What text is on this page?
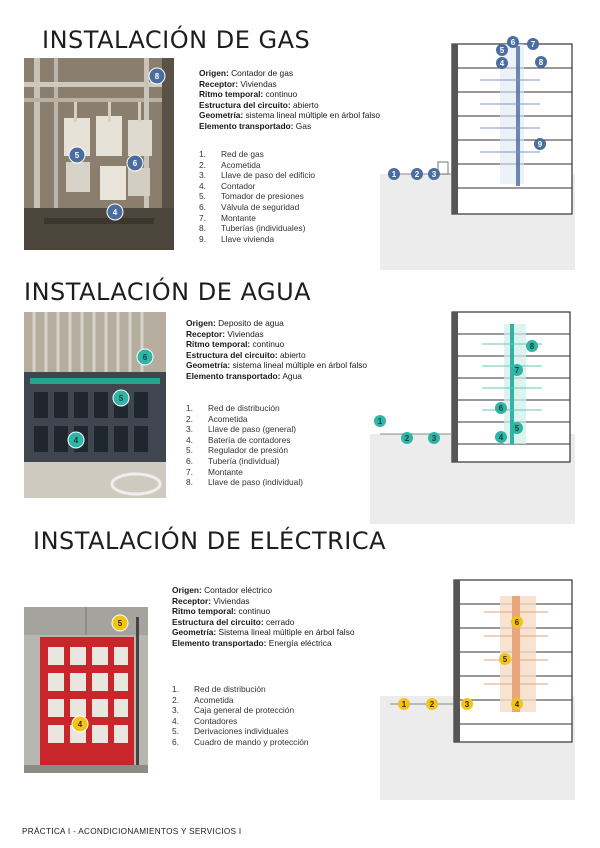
INSTALACIÓN DE GAS
8
5
6
4
Origen: Contador de gas
Receptor: Viviendas
Ritmo temporal: continuo
Estructura del circuito: abierto
Geometría: sistema lineal múltiple en árbol falso
Elemento transportado: Gas
1.	Red de gas
2.	Acometida
3.	Llave de paso del edificio
4.	Contador
5.	Tomador de presiones
6.	Válvula de seguridad
7.	Montante
8.	Tuberías (individuales)
9.	Llave vivienda
5
6 7
4	8
9
1 2 3
INSTALACIÓN DE AGUA
6
5
4
Origen: Deposito de agua
Receptor: Viviendas
Ritmo temporal: continuo
Estructura del circuito: abierto
Geometría: sistema lineal múltiple en árbol falso
Elemento transportado: Agua
1.	Red de distribución
2.	Acometida
3.	Llave de paso (general)
4.	Batería de contadores
5.	Regulador de presión
6.	Tubería (individual)
7.	Montante
8.	Llave de paso (individual)
8
7
6
1
2	3	4
5
INSTALACIÓN DE ELÉCTRICA
5
4
Origen: Contador eléctrico
Receptor: Viviendas
Ritmo temporal: continuo
Estructura del circuito: cerrado
Geometría: Sistema lineal múltiple en árbol falso
Elemento transportado: Energía eléctrica
1.	Red de distribución
2.	Acometida
3.	Caja general de protección
4.	Contadores
5.	Derivaciones individuales
6.	Cuadro de mando y protección
6
5
1	2	3	4
PRÁCTICA I - ACONDICIONAMIENTOS Y SERVICIOS I
